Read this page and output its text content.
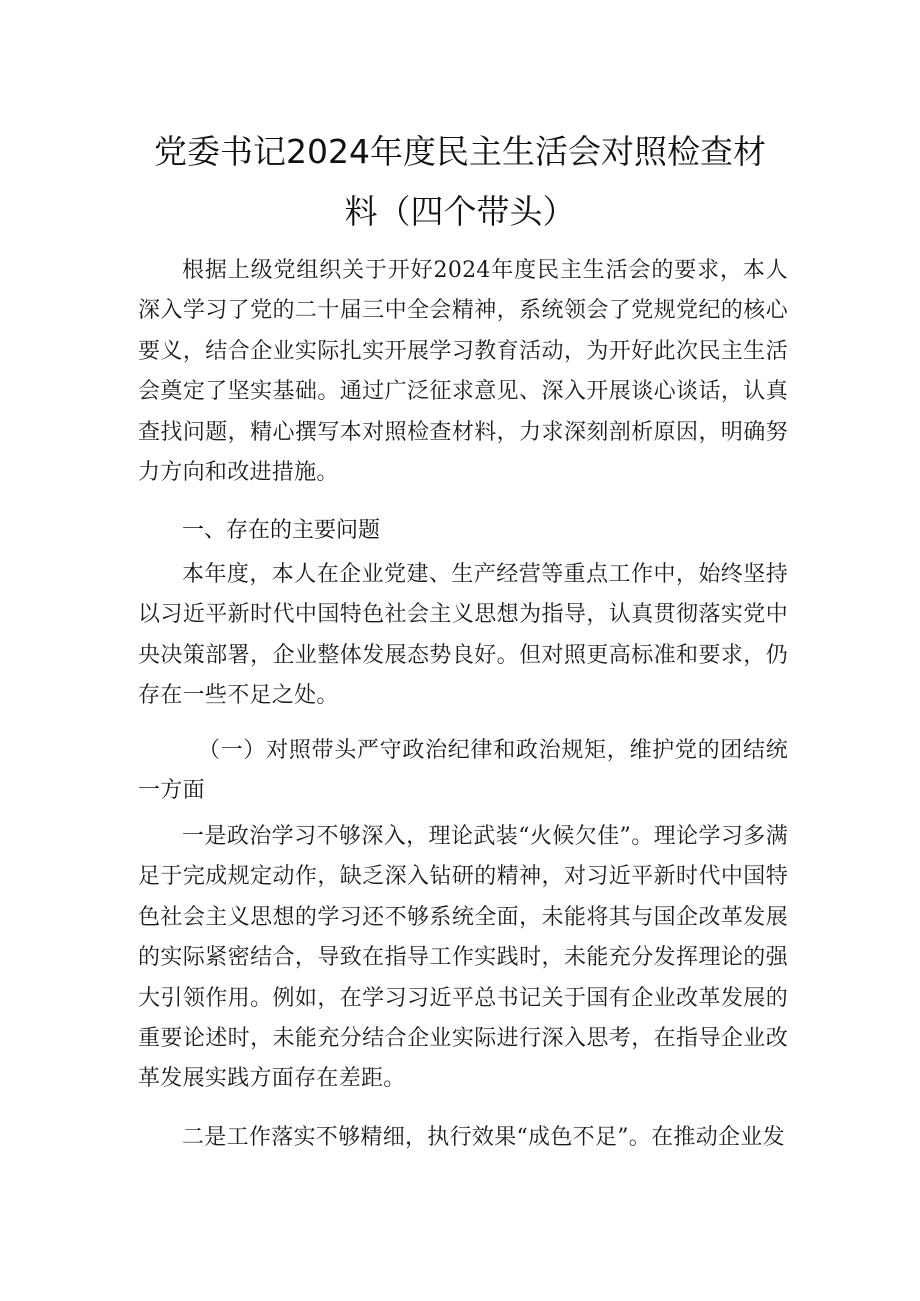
党委书记2024年度民主生活会对照检查材
料（四个带头）
根据上级党组织关于开好2024年度民主生活会的要求，本人深入学习了党的二十届三中全会精神，系统领会了党规党纪的核心要义，结合企业实际扎实开展学习教育活动，为开好此次民主生活会奠定了坚实基础。通过广泛征求意见、深入开展谈心谈话，认真查找问题，精心撰写本对照检查材料，力求深刻剖析原因，明确努力方向和改进措施。
一、存在的主要问题
本年度，本人在企业党建、生产经营等重点工作中，始终坚持以习近平新时代中国特色社会主义思想为指导，认真贯彻落实党中央决策部署，企业整体发展态势良好。但对照更高标准和要求，仍存在一些不足之处。
（一）对照带头严守政治纪律和政治规矩，维护党的团结统一方面
一是政治学习不够深入，理论武装“火候欠佳”。理论学习多满足于完成规定动作，缺乏深入钻研的精神，对习近平新时代中国特色社会主义思想的学习还不够系统全面，未能将其与国企改革发展的实际紧密结合，导致在指导工作实践时，未能充分发挥理论的强大引领作用。例如，在学习习近平总书记关于国有企业改革发展的重要论述时，未能充分结合企业实际进行深入思考，在指导企业改革发展实践方面存在差距。
二是工作落实不够精细，执行效果“成色不足”。在推动企业发
